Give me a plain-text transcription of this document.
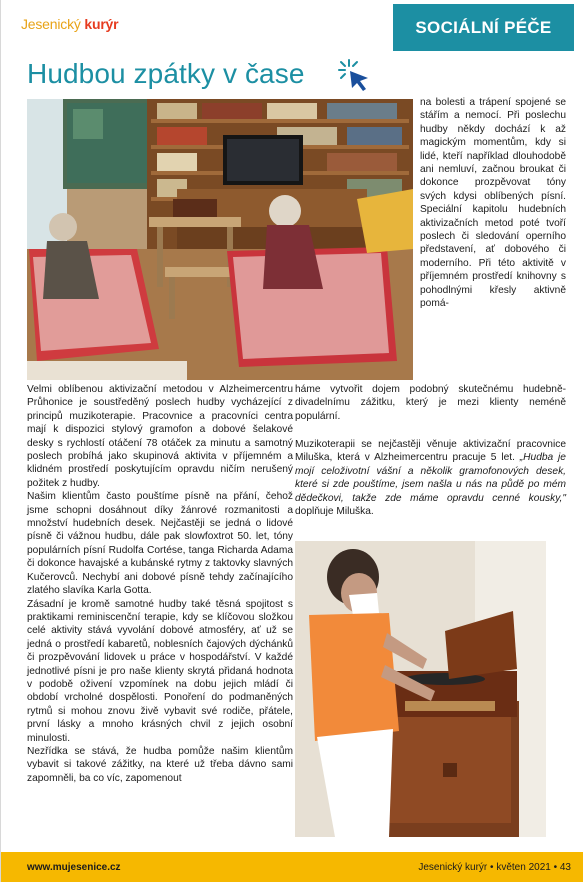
Jesenický kurýr	SOCIÁLNÍ PÉČE
Hudbou zpátky v čase

na bolesti a trápení spojené se stářím a nemocí. Při poslechu hudby někdy dochází k až magickým momentům, kdy si lidé, kteří například dlouhodobě ani nemluví, začnou broukat či dokonce prozpěvovat tóny svých kdysi oblíbených písní. Speciální kapitolu hudebních aktivizačních metod poté tvoří poslech či sledování operního představení, ať dobového či moderního. Při této aktivitě v příjemném prostředí knihovny s pohodlnými křesly aktivně pomá-

háme vytvořit dojem podobný skutečnému hudebně-divadelnímu zážitku, který je mezi klienty neméně populární.

Muzikoterapii se nejčastěji věnuje aktivizační pracovnice Miluška, která v Alzheimercentru pracuje 5 let. „Hudba je mojí celoživotní vášní a několik gramofonových desek, které si zde pouštíme, jsem našla u nás na půdě po mém dědečkovi, takže zde máme opravdu cenné kousky," doplňuje Miluška.

Velmi oblíbenou aktivizační metodou v Alzheimercentru Průhonice je soustředěný poslech hudby vycházející z principů muzikoterapie. Pracovnice a pracovníci centra mají k dispozici stylový gramofon a dobové šelakové desky s rychlostí otáčení 78 otáček za minutu a samotný poslech probíhá jako skupinová aktivita v příjemném a klidném prostředí poskytujícím opravdu ničím nerušený požitek z hudby.

Našim klientům často pouštíme písně na přání, čehož jsme schopni dosáhnout díky žánrové rozmanitosti a množství hudebních desek. Nejčastěji se jedná o lidové písně či vážnou hudbu, dále pak slowfoxtrot 50. let, tóny populárních písní Rudolfa Cortése, tanga Richarda Adama či dokonce havajské a kubánské rytmy z taktovky slavných Kučerovců. Nechybí ani dobové písně tehdy začínajícího zlatého slavíka Karla Gotta.

Zásadní je kromě samotné hudby také těsná spojitost s praktikami reminiscenční terapie, kdy se klíčovou složkou celé aktivity stává vyvolání dobové atmosféry, ať už se jedná o prostředí kabaretů, noblesních čajových dýchánků či prozpěvování lidovek u práce v hospodářství. V každé jednotlivé písni je pro naše klienty skrytá přidaná hodnota v podobě oživení vzpomínek na dobu jejich mládí či období vrcholné dospělosti. Ponoření do podmaněných rytmů si mohou znovu živě vybavit své rodiče, přátele, první lásky a mnoho krásných chvil z jejich osobní minulosti.

Nezřídka se stává, že hudba pomůže našim klientům vybavit si takové zážitky, na které už třeba dávno sami zapomněli, ba co víc, zapomenout

www.mujesenice.cz	Jesenický kurýr • květen 2021 • 43
